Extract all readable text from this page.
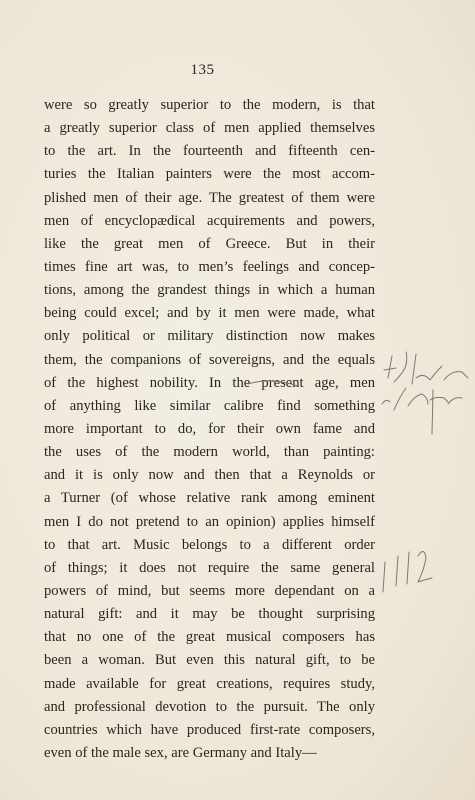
135
were so greatly superior to the modern, is that
a greatly superior class of men applied themselves
to the art. In the fourteenth and fifteenth cen-
turies the Italian painters were the most accom-
plished men of their age. The greatest of them were
men of encyclopædical acquirements and powers,
like the great men of Greece. But in their
times fine art was, to men’s feelings and concep-
tions, among the grandest things in which a human
being could excel; and by it men were made, what
only political or military distinction now makes
them, the companions of sovereigns, and the equals
of the highest nobility. In the present age, men
of anything like similar calibre find something
more important to do, for their own fame and
the uses of the modern world, than painting:
and it is only now and then that a Reynolds or
a Turner (of whose relative rank among eminent
men I do not pretend to an opinion) applies himself
to that art. Music belongs to a different order
of things; it does not require the same general
powers of mind, but seems more dependant on a
natural gift: and it may be thought surprising
that no one of the great musical composers has
been a woman. But even this natural gift, to be
made available for great creations, requires study,
and professional devotion to the pursuit. The only
countries which have produced first-rate composers,
even of the male sex, are Germany and Italy—
